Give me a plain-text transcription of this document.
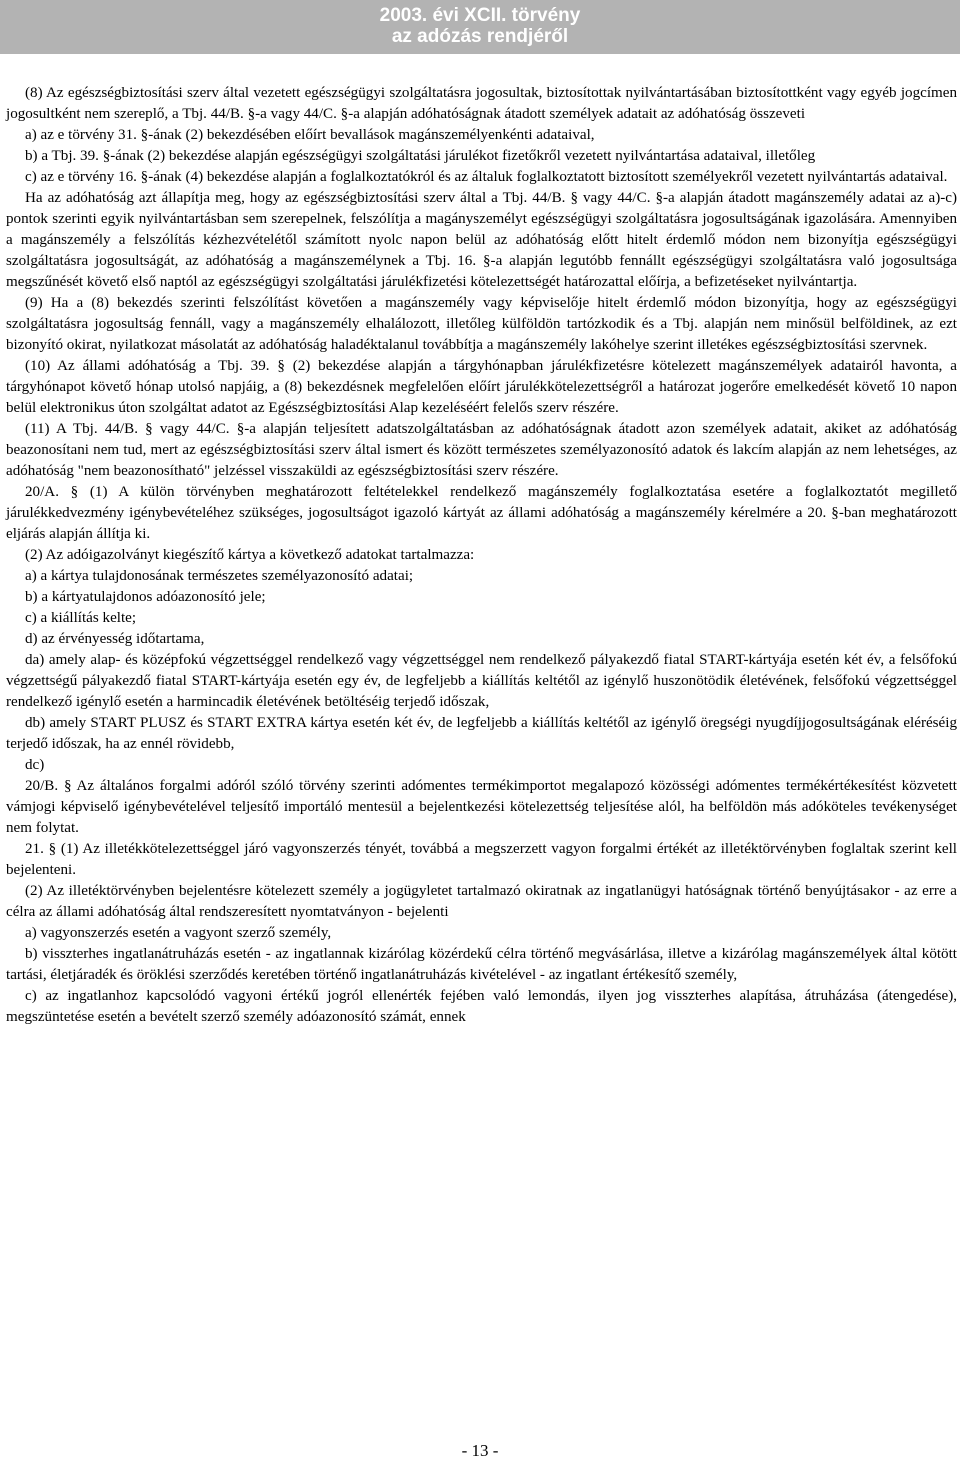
2003. évi XCII. törvény
az adózás rendjéről

(8) Az egészségbiztosítási szerv által vezetett egészségügyi szolgáltatásra jogosultak, biztosítottak nyilvántartásában biztosítottként vagy egyéb jogcímen jogosultként nem szereplő, a Tbj. 44/B. §-a vagy 44/C. §-a alapján adóhatóságnak átadott személyek adatait az adóhatóság összeveti

a) az e törvény 31. §-ának (2) bekezdésében előírt bevallások magánszemélyenkénti adataival,

b) a Tbj. 39. §-ának (2) bekezdése alapján egészségügyi szolgáltatási járulékot fizetőkről vezetett nyilvántartása adataival, illetőleg

c) az e törvény 16. §-ának (4) bekezdése alapján a foglalkoztatókról és az általuk foglalkoztatott biztosított személyekről vezetett nyilvántartás adataival.

Ha az adóhatóság azt állapítja meg, hogy az egészségbiztosítási szerv által a Tbj. 44/B. § vagy 44/C. §-a alapján átadott magánszemély adatai az a)-c) pontok szerinti egyik nyilvántartásban sem szerepelnek, felszólítja a magányszemélyt egészségügyi szolgáltatásra jogosultságának igazolására. Amennyiben a magánszemély a felszólítás kézhezvételétől számított nyolc napon belül az adóhatóság előtt hitelt érdemlő módon nem bizonyítja egészségügyi szolgáltatásra jogosultságát, az adóhatóság a magánszemélynek a Tbj. 16. §-a alapján legutóbb fennállt egészségügyi szolgáltatásra való jogosultsága megszűnését követő első naptól az egészségügyi szolgáltatási járulékfizetési kötelezettségét határozattal előírja, a befizetéseket nyilvántartja.

(9) Ha a (8) bekezdés szerinti felszólítást követően a magánszemély vagy képviselője hitelt érdemlő módon bizonyítja, hogy az egészségügyi szolgáltatásra jogosultság fennáll, vagy a magánszemély elhalálozott, illetőleg külföldön tartózkodik és a Tbj. alapján nem minősül belföldinek, az ezt bizonyító okirat, nyilatkozat másolatát az adóhatóság haladéktalanul továbbítja a magánszemély lakóhelye szerint illetékes egészségbiztosítási szervnek.

(10) Az állami adóhatóság a Tbj. 39. § (2) bekezdése alapján a tárgyhónapban járulékfizetésre kötelezett magánszemélyek adatairól havonta, a tárgyhónapot követő hónap utolsó napjáig, a (8) bekezdésnek megfelelően előírt járulékkötelezettségről a határozat jogerőre emelkedését követő 10 napon belül elektronikus úton szolgáltat adatot az Egészségbiztosítási Alap kezeléséért felelős szerv részére.

(11) A Tbj. 44/B. § vagy 44/C. §-a alapján teljesített adatszolgáltatásban az adóhatóságnak átadott azon személyek adatait, akiket az adóhatóság beazonosítani nem tud, mert az egészségbiztosítási szerv által ismert és között természetes személyazonosító adatok és lakcím alapján az nem lehetséges, az adóhatóság "nem beazonosítható" jelzéssel visszaküldi az egészségbiztosítási szerv részére.

20/A. § (1) A külön törvényben meghatározott feltételekkel rendelkező magánszemély foglalkoztatása esetére a foglalkoztatót megillető járulékkedvezmény igénybevételéhez szükséges, jogosultságot igazoló kártyát az állami adóhatóság a magánszemély kérelmére a 20. §-ban meghatározott eljárás alapján állítja ki.

(2) Az adóigazolványt kiegészítő kártya a következő adatokat tartalmazza:

a) a kártya tulajdonosának természetes személyazonosító adatai;

b) a kártyatulajdonos adóazonosító jele;

c) a kiállítás kelte;

d) az érvényesség időtartama,

da) amely alap- és középfokú végzettséggel rendelkező vagy végzettséggel nem rendelkező pályakezdő fiatal START-kártyája esetén két év, a felsőfokú végzettségű pályakezdő fiatal START-kártyája esetén egy év, de legfeljebb a kiállítás keltétől az igénylő huszonötödik életévének, felsőfokú végzettséggel rendelkező igénylő esetén a harmincadik életévének betöltéséig terjedő időszak,

db) amely START PLUSZ és START EXTRA kártya esetén két év, de legfeljebb a kiállítás keltétől az igénylő öregségi nyugdíjjogosultságának eléréséig terjedő időszak, ha az ennél rövidebb,

dc)

20/B. § Az általános forgalmi adóról szóló törvény szerinti adómentes termékimportot megalapozó közösségi adómentes termékértékesítést közvetett vámjogi képviselő igénybevételével teljesítő importáló mentesül a bejelentkezési kötelezettség teljesítése alól, ha belföldön más adóköteles tevékenységet nem folytat.

21. § (1) Az illetékkötelezettséggel járó vagyonszerzés tényét, továbbá a megszerzett vagyon forgalmi értékét az illetéktörvényben foglaltak szerint kell bejelenteni.

(2) Az illetéktörvényben bejelentésre kötelezett személy a jogügyletet tartalmazó okiratnak az ingatlanügyi hatóságnak történő benyújtásakor - az erre a célra az állami adóhatóság által rendszeresített nyomtatványon - bejelenti

a) vagyonszerzés esetén a vagyont szerző személy,

b) visszterhes ingatlanátruházás esetén - az ingatlannak kizárólag közérdekű célra történő megvásárlása, illetve a kizárólag magánszemélyek által kötött tartási, életjáradék és öröklési szerződés keretében történő ingatlanátruházás kivételével - az ingatlant értékesítő személy,

c) az ingatlanhoz kapcsolódó vagyoni értékű jogról ellenérték fejében való lemondás, ilyen jog visszterhes alapítása, átruházása (átengedése), megszüntetése esetén a bevételt szerző személy adóazonosító számát, ennek

- 13 -
